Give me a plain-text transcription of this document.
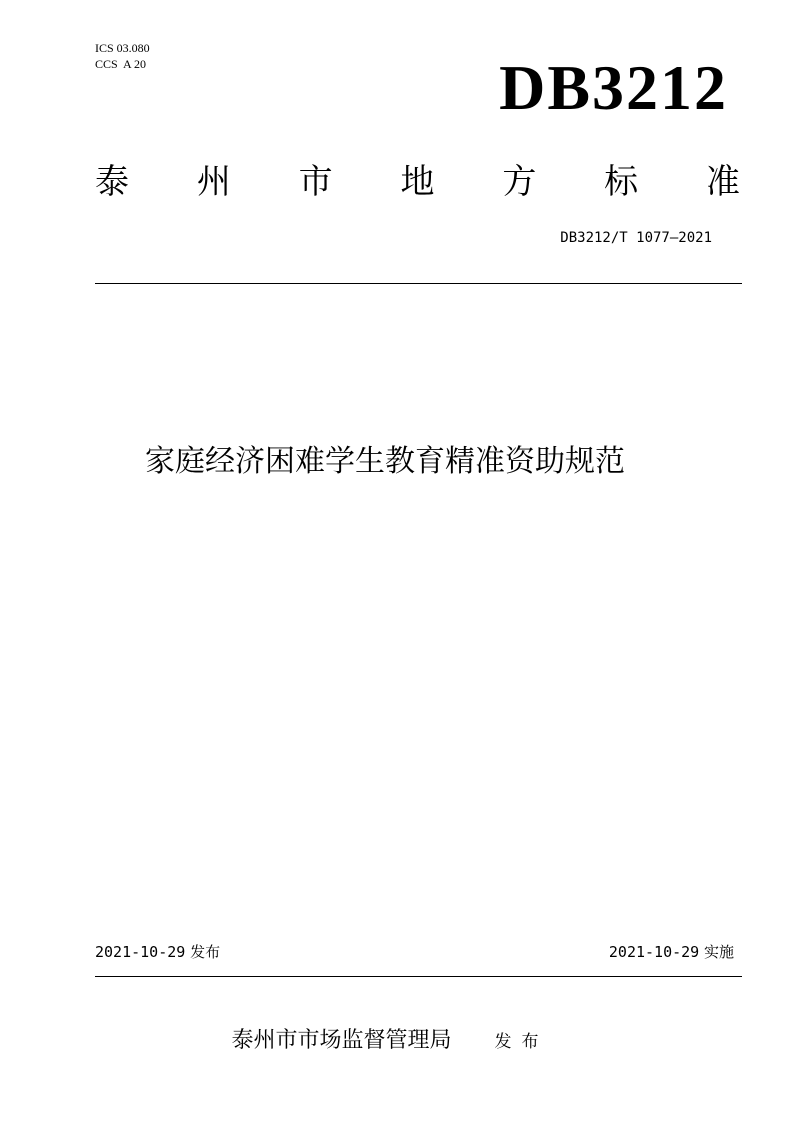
ICS 03.080
CCS  A 20	DB3212
泰 州 市 地 方 标 准
DB3212/T 1077—2021
家庭经济困难学生教育精准资助规范
2021-10-29 发布	2021-10-29 实施
泰州市市场监督管理局	发布
